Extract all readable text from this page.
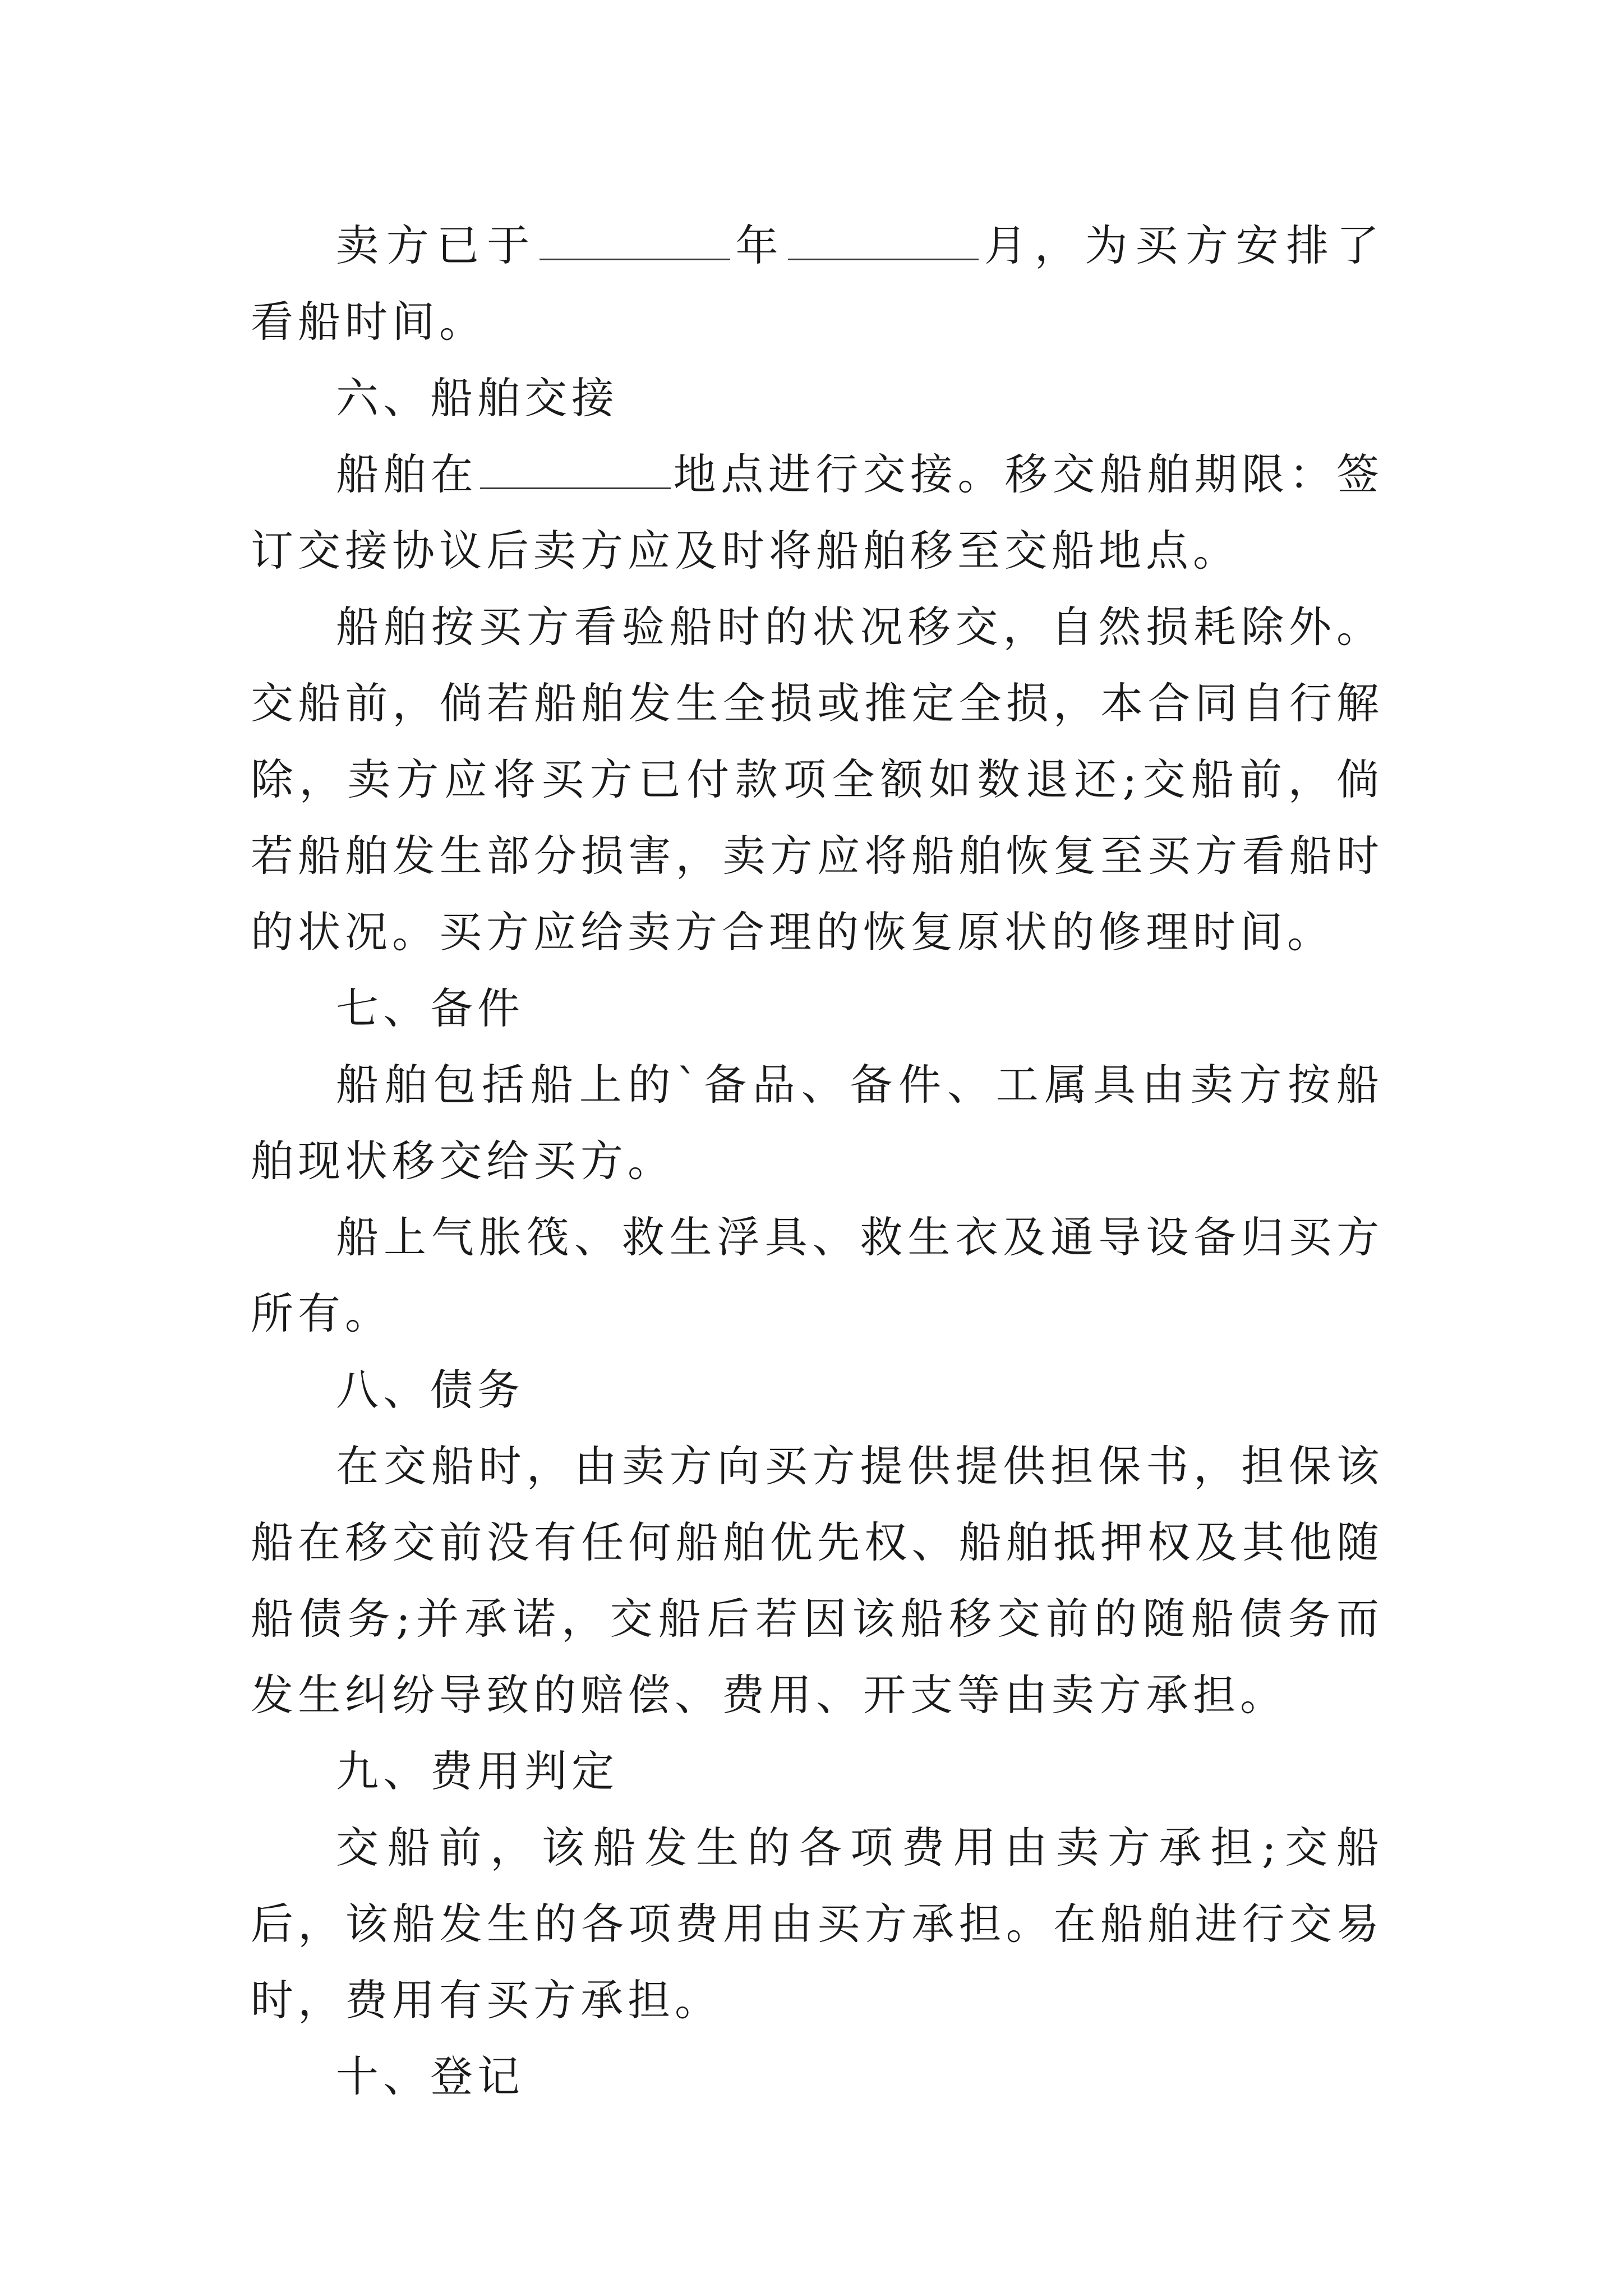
卖方已于	年	月，为买方安排了看船时间。

六、船舶交接

船舶在	地点进行交接。移交船舶期限：签订交接协议后卖方应及时将船舶移至交船地点。

船舶按买方看验船时的状况移交，自然损耗除外。交船前，倘若船舶发生全损或推定全损，本合同自行解除，卖方应将买方已付款项全额如数退还;交船前，倘若船舶发生部分损害，卖方应将船舶恢复至买方看船时的状况。买方应给卖方合理的恢复原状的修理时间。

七、备件

船舶包括船上的`备品、备件、工属具由卖方按船舶现状移交给买方。

船上气胀筏、救生浮具、救生衣及通导设备归买方所有。

八、债务

在交船时，由卖方向买方提供提供担保书，担保该船在移交前没有任何船舶优先权、船舶抵押权及其他随船债务;并承诺，交船后若因该船移交前的随船债务而发生纠纷导致的赔偿、费用、开支等由卖方承担。

九、费用判定

交船前，该船发生的各项费用由卖方承担;交船后，该船发生的各项费用由买方承担。在船舶进行交易时，费用有买方承担。

十、登记
